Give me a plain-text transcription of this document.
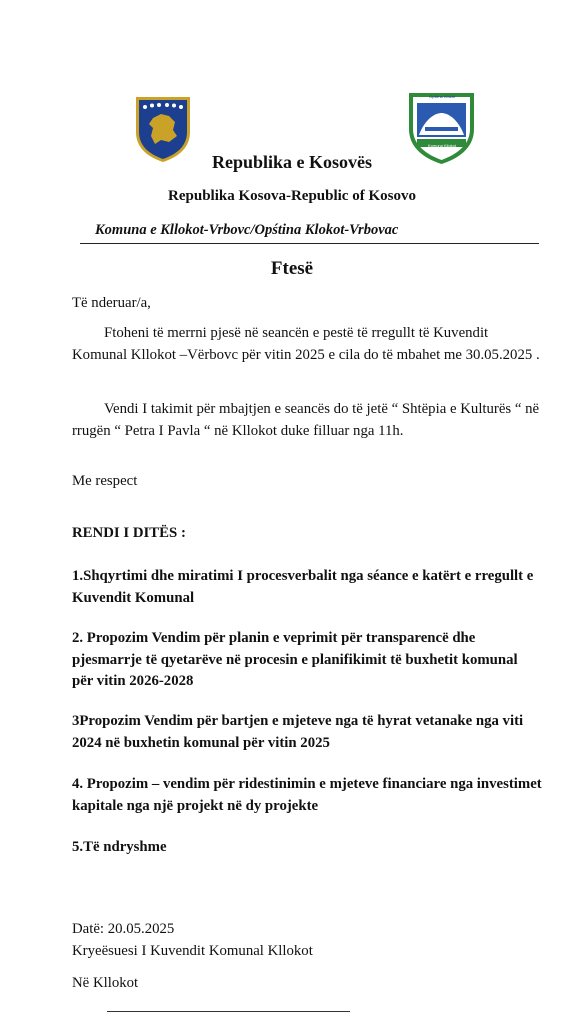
Opština Klokot
Komuna Kllokot
Republika e Kosovës
Republika Kosova-Republic of Kosovo
Komuna e Kllokot-Vrbovc/Opśtina Klokot-Vrbovac
Ftesë
Të nderuar/a,
Ftoheni të merrni pjesë në seancën e pestë të rregullt të Kuvendit Komunal Kllokot –Vërbovc për vitin 2025 e cila do të mbahet me 30.05.2025 .
Vendi I takimit për mbajtjen e seancës do të jetë “ Shtëpia e Kulturës “ në rrugën “ Petra I Pavla “ në Kllokot duke filluar nga 11h.
Me respect
RENDI I DITËS :
1.Shqyrtimi dhe miratimi I procesverbalit nga séance e katërt e rregullt e Kuvendit Komunal
2. Propozim Vendim për planin e veprimit për transparencë dhe pjesmarrje të qyetarëve në procesin e planifikimit të buxhetit komunal për vitin 2026-2028
3Propozim Vendim për bartjen e mjeteve nga të hyrat vetanake nga viti 2024 në buxhetin komunal për vitin 2025
4. Propozim – vendim për ridestinimin e mjeteve financiare nga investimet kapitale nga një projekt në dy projekte
5.Të ndryshme
Datë: 20.05.2025
Kryeësuesi I Kuvendit Komunal Kllokot
Në Kllokot
